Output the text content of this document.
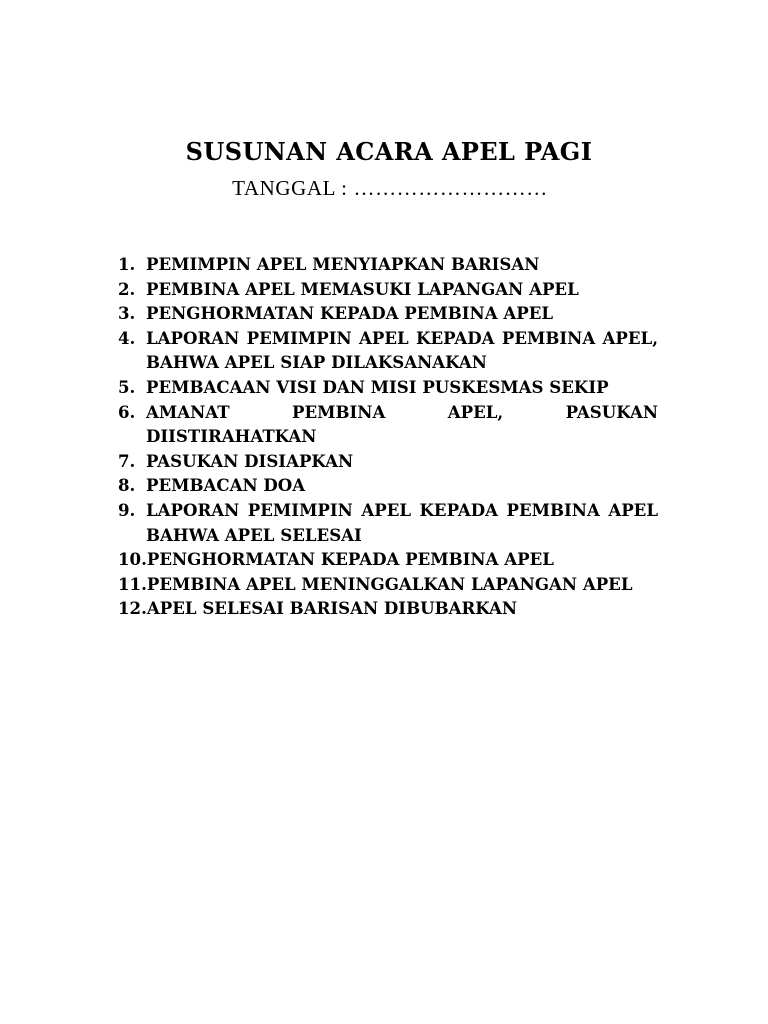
SUSUNAN ACARA APEL PAGI
TANGGAL : ………………………
1. PEMIMPIN APEL MENYIAPKAN BARISAN
2. PEMBINA APEL MEMASUKI LAPANGAN APEL
3. PENGHORMATAN KEPADA PEMBINA APEL
4. LAPORAN PEMIMPIN APEL KEPADA PEMBINA APEL, BAHWA APEL SIAP DILAKSANAKAN
5. PEMBACAAN VISI DAN MISI PUSKESMAS SEKIP
6. AMANAT PEMBINA APEL, PASUKAN DIISTIRAHATKAN
7. PASUKAN DISIAPKAN
8. PEMBACAN DOA
9. LAPORAN PEMIMPIN APEL KEPADA PEMBINA APEL BAHWA APEL SELESAI
10. PENGHORMATAN KEPADA PEMBINA APEL
11. PEMBINA APEL MENINGGALKAN LAPANGAN APEL
12. APEL SELESAI BARISAN DIBUBARKAN
